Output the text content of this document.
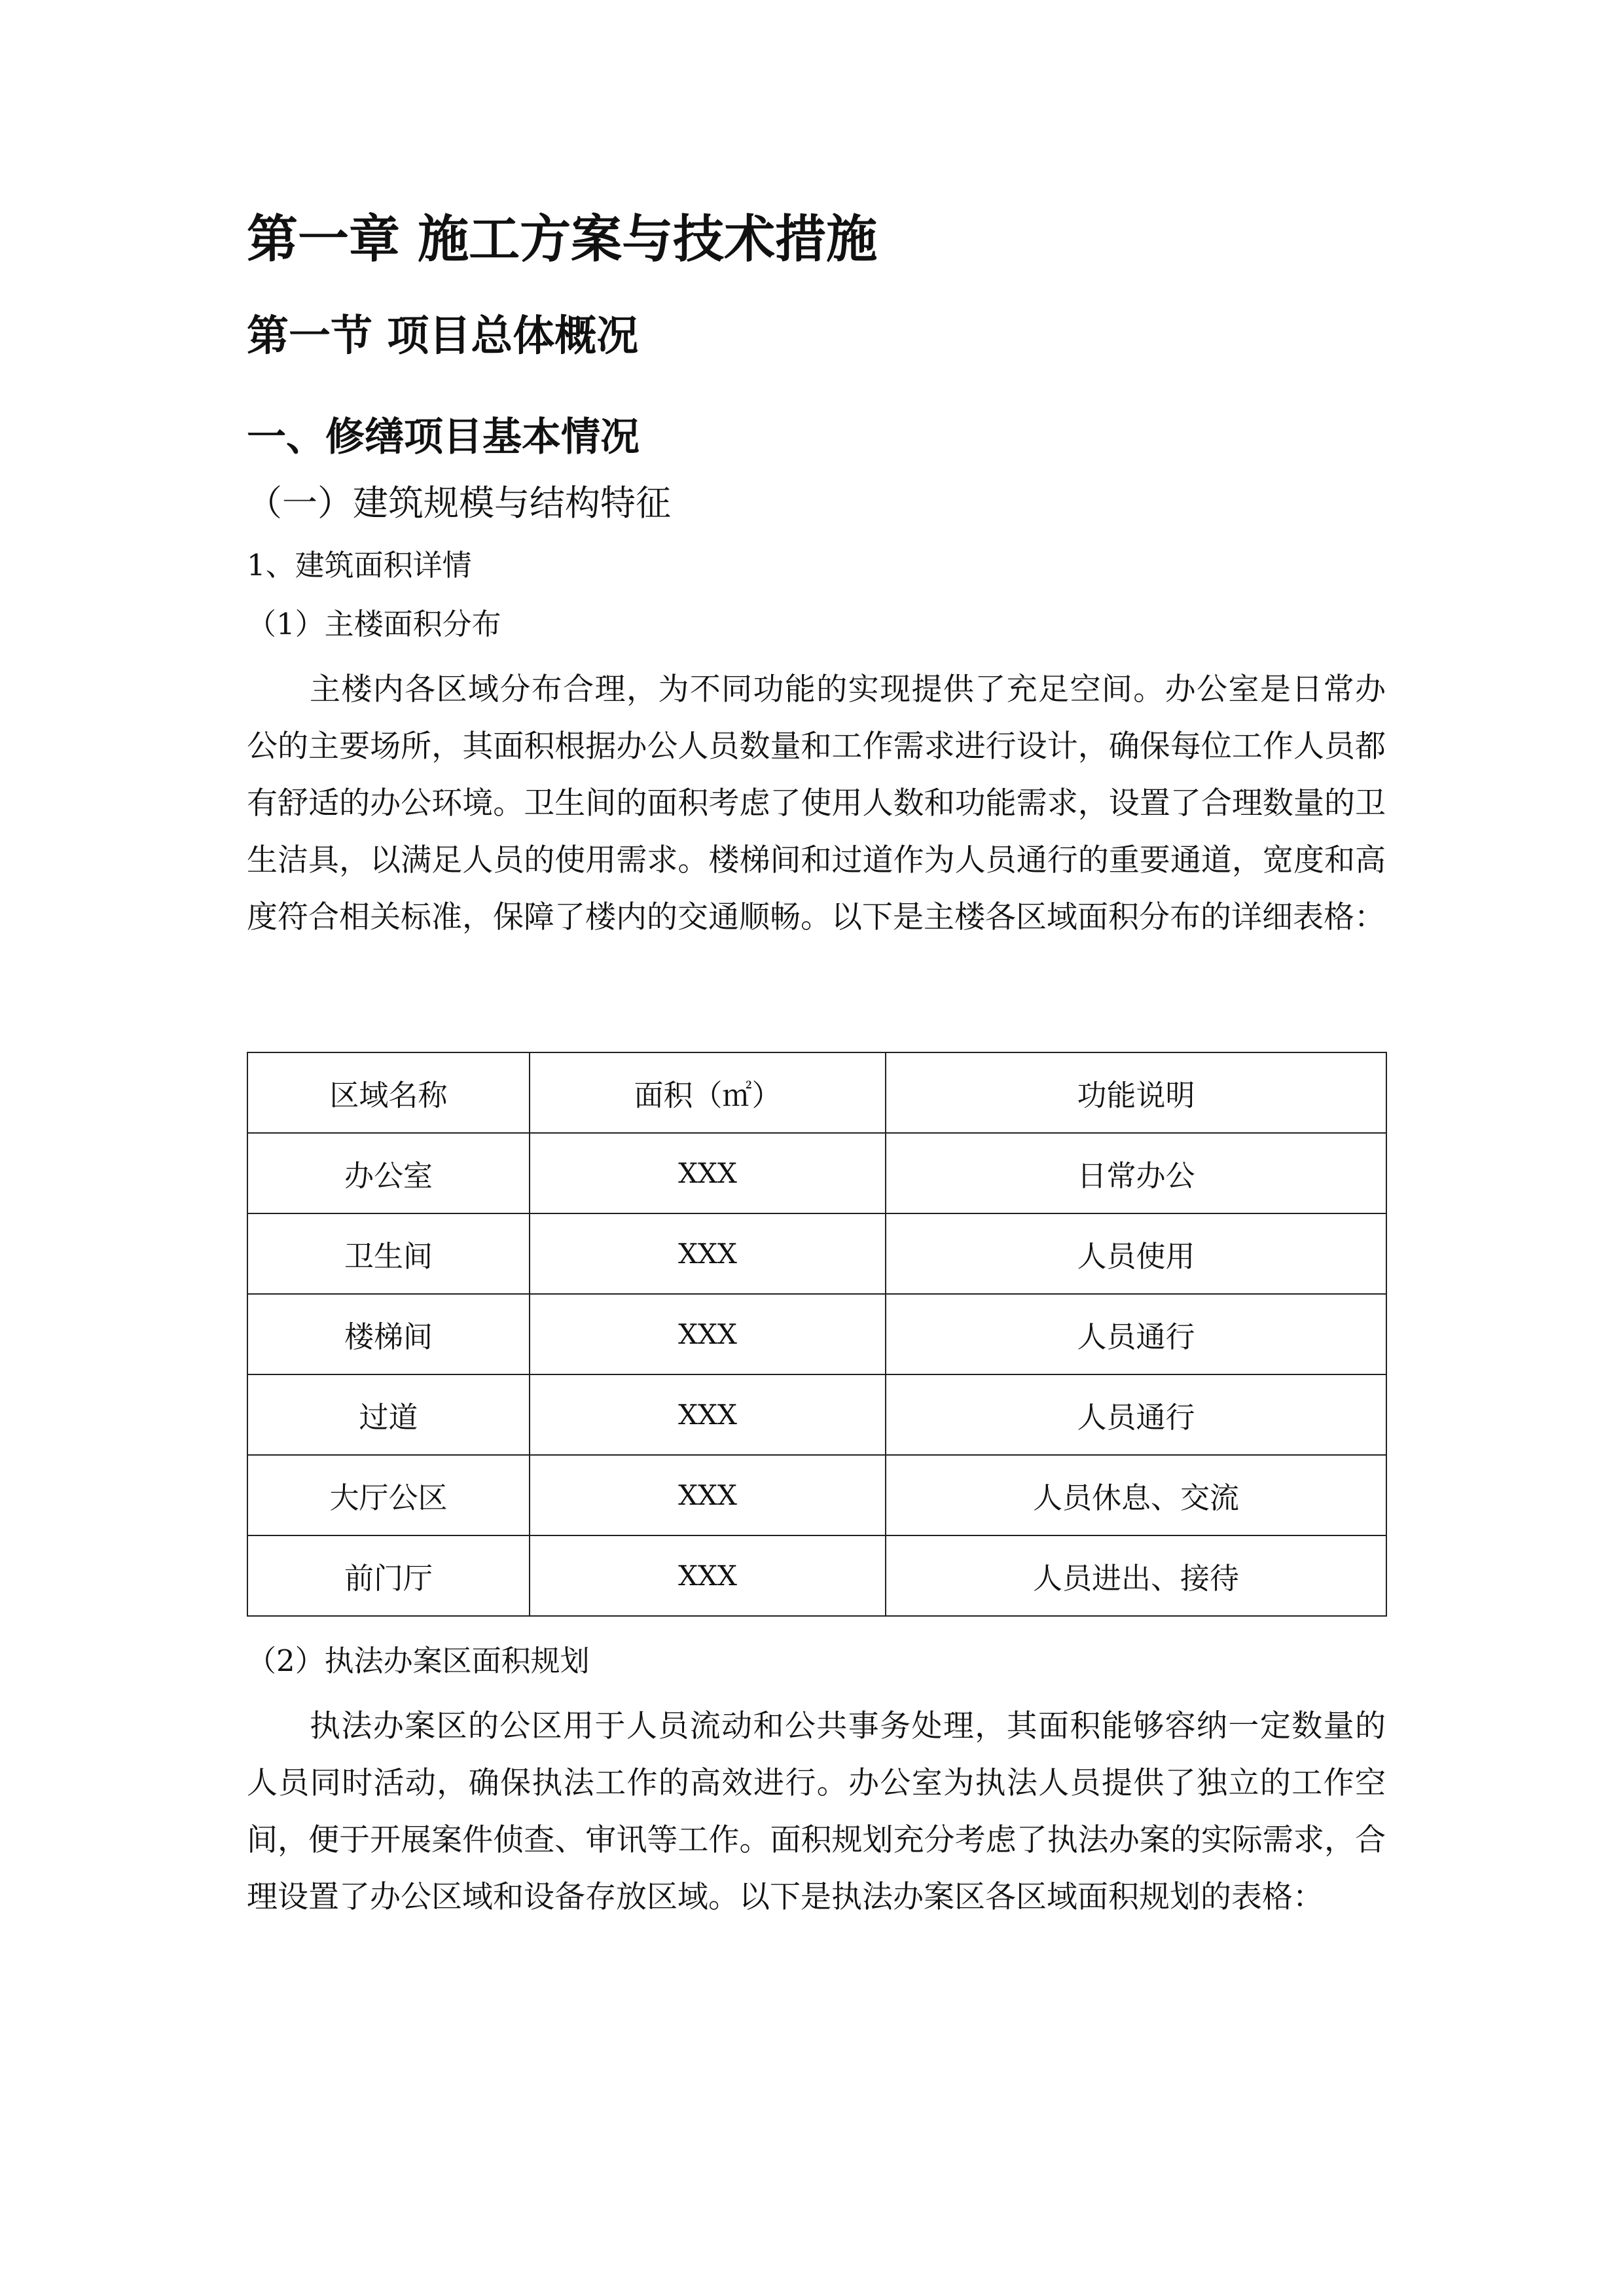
第一章 施工方案与技术措施
第一节 项目总体概况
一、修缮项目基本情况
（一）建筑规模与结构特征
1、建筑面积详情
（1）主楼面积分布

主楼内各区域分布合理，为不同功能的实现提供了充足空间。办公室是日常办公的主要场所，其面积根据办公人员数量和工作需求进行设计，确保每位工作人员都有舒适的办公环境。卫生间的面积考虑了使用人数和功能需求，设置了合理数量的卫生洁具，以满足人员的使用需求。楼梯间和过道作为人员通行的重要通道，宽度和高度符合相关标准，保障了楼内的交通顺畅。以下是主楼各区域面积分布的详细表格：

区域名称	面积（㎡）	功能说明
办公室	XXX	日常办公
卫生间	XXX	人员使用
楼梯间	XXX	人员通行
过道	XXX	人员通行
大厅公区	XXX	人员休息、交流
前门厅	XXX	人员进出、接待
（2）执法办案区面积规划

执法办案区的公区用于人员流动和公共事务处理，其面积能够容纳一定数量的人员同时活动，确保执法工作的高效进行。办公室为执法人员提供了独立的工作空间，便于开展案件侦查、审讯等工作。面积规划充分考虑了执法办案的实际需求，合理设置了办公区域和设备存放区域。以下是执法办案区各区域面积规划的表格：
